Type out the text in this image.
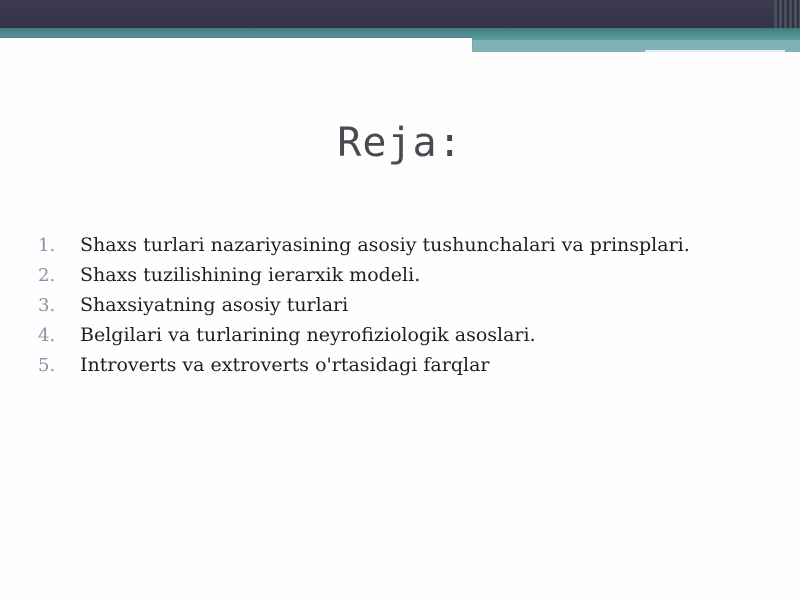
Reja:
1.	Shaxs turlari nazariyasining asosiy tushunchalari va prinsplari.
2.	Shaxs tuzilishining ierarxik modeli.
3.	Shaxsiyatning asosiy turlari
4.	Belgilari va turlarining neyrofiziologik asoslari.
5.	Introverts va extroverts o'rtasidagi farqlar
